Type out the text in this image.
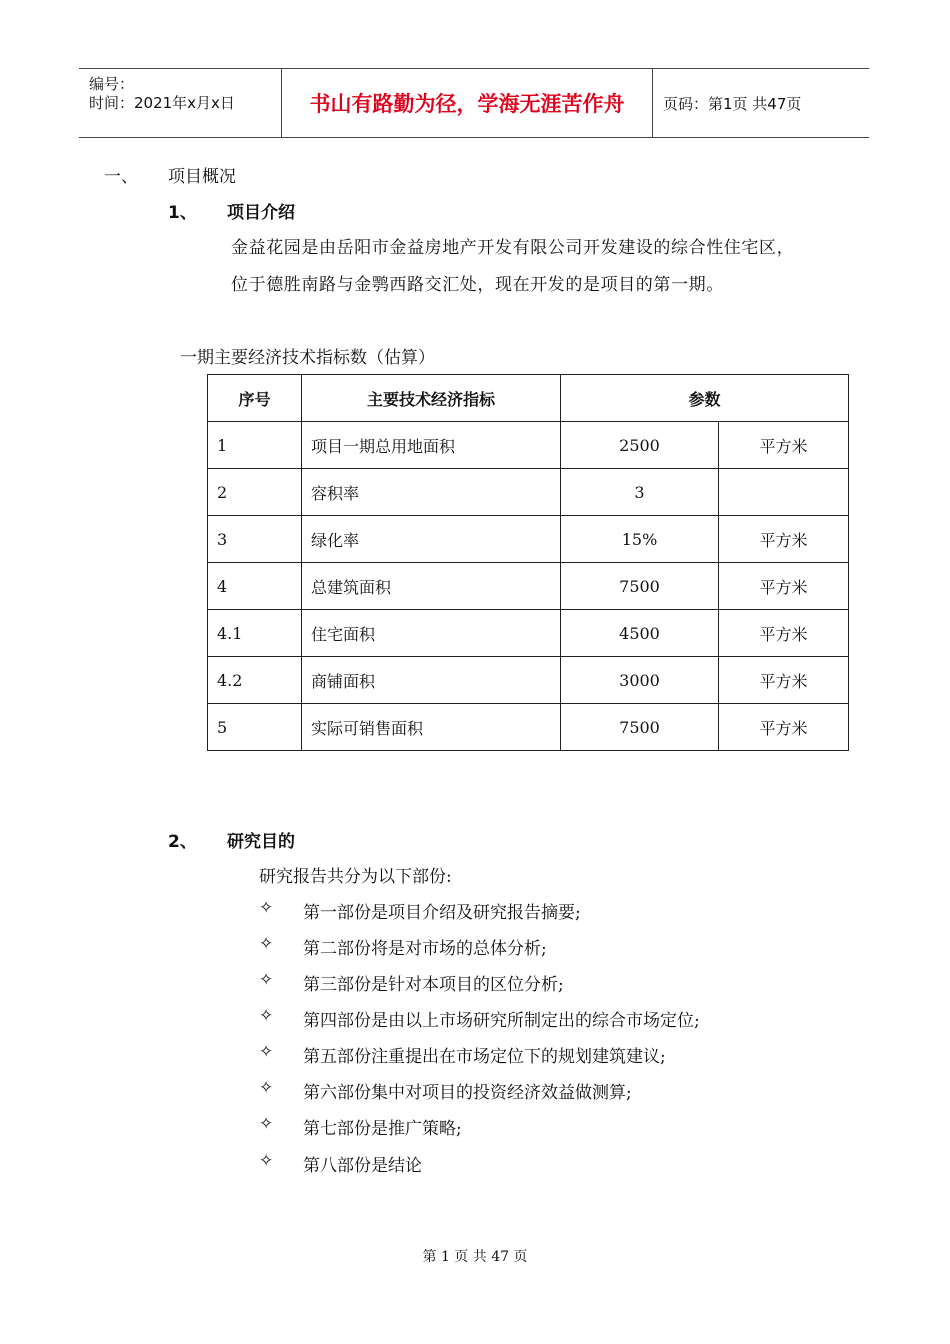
编号：
时间：2021年x月x日	书山有路勤为径，学海无涯苦作舟	页码：第1页 共47页
一、 项目概况
1、 项目介绍
金益花园是由岳阳市金益房地产开发有限公司开发建设的综合性住宅区，
位于德胜南路与金鹗西路交汇处，现在开发的是项目的第一期。
一期主要经济技术指标数（估算）
序号	主要技术经济指标	参数	
1	项目一期总用地面积	2500	平方米
2	容积率	3	
3	绿化率	15%	平方米
4	总建筑面积	7500	平方米
4.1	住宅面积	4500	平方米
4.2	商铺面积	3000	平方米
5	实际可销售面积	7500	平方米
2、 研究目的
研究报告共分为以下部份:
✧ 第一部份是项目介绍及研究报告摘要;
✧ 第二部份将是对市场的总体分析;
✧ 第三部份是针对本项目的区位分析;
✧ 第四部份是由以上市场研究所制定出的综合市场定位;
✧ 第五部份注重提出在市场定位下的规划建筑建议;
✧ 第六部份集中对项目的投资经济效益做测算;
✧ 第七部份是推广策略;
✧ 第八部份是结论
第 1 页 共 47 页
